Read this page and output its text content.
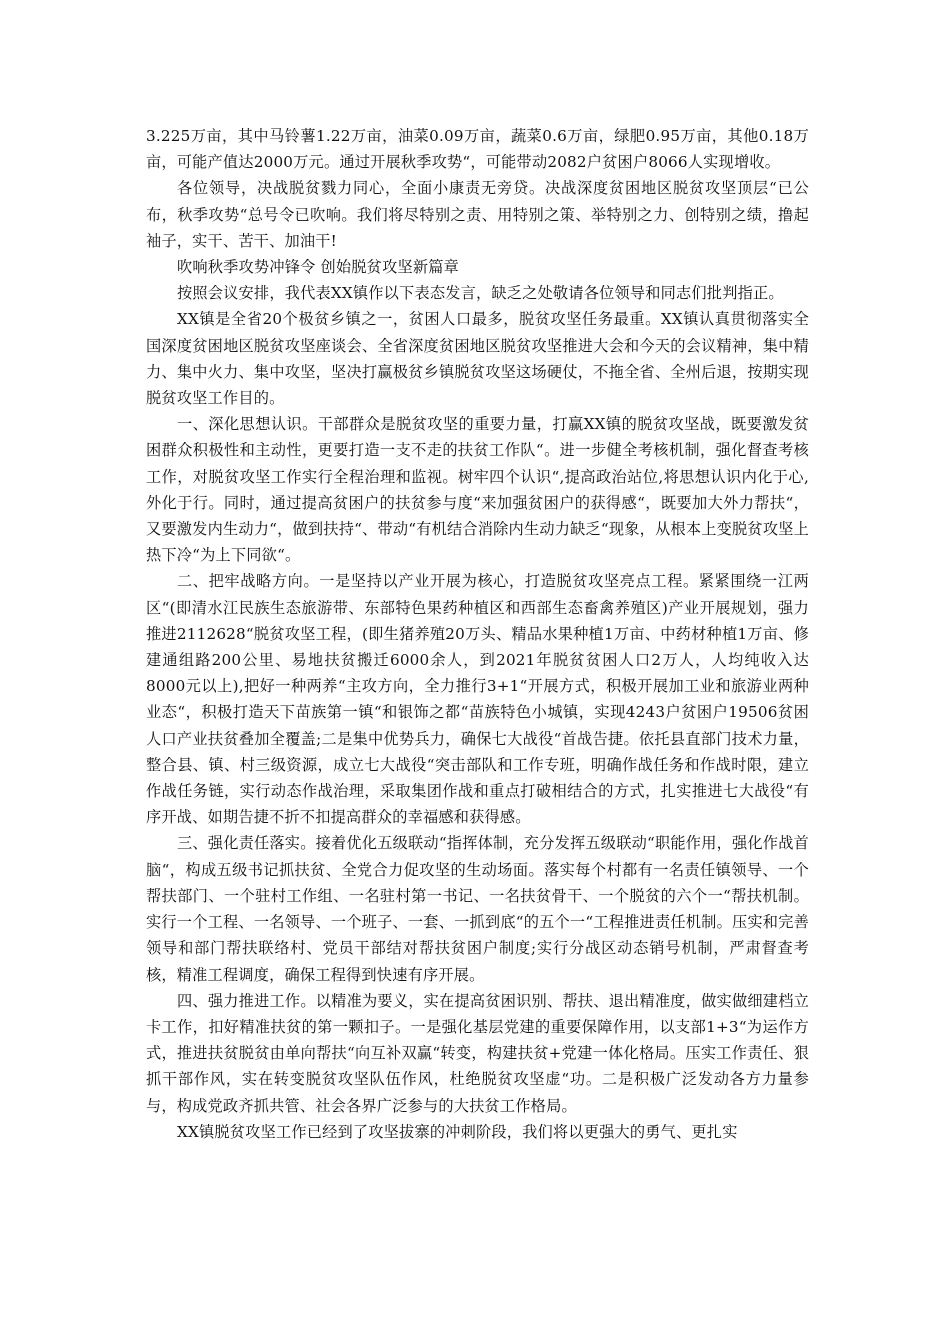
3.225万亩，其中马铃薯1.22万亩，油菜0.09万亩，蔬菜0.6万亩，绿肥0.95万亩，其他0.18万亩，可能产值达2000万元。通过开展秋季攻势“，可能带动2082户贫困户8066人实现增收。

各位领导，决战脱贫戮力同心，全面小康责无旁贷。决战深度贫困地区脱贫攻坚顶层“已公布，秋季攻势“总号令已吹响。我们将尽特别之责、用特别之策、举特别之力、创特别之绩，撸起袖子，实干、苦干、加油干!

吹响秋季攻势冲锋令 创始脱贫攻坚新篇章

按照会议安排，我代表XX镇作以下表态发言，缺乏之处敬请各位领导和同志们批判指正。

XX镇是全省20个极贫乡镇之一，贫困人口最多，脱贫攻坚任务最重。XX镇认真贯彻落实全国深度贫困地区脱贫攻坚座谈会、全省深度贫困地区脱贫攻坚推进大会和今天的会议精神，集中精力、集中火力、集中攻坚，坚决打赢极贫乡镇脱贫攻坚这场硬仗，不拖全省、全州后退，按期实现脱贫攻坚工作目的。

一、深化思想认识。干部群众是脱贫攻坚的重要力量，打赢XX镇的脱贫攻坚战，既要激发贫困群众积极性和主动性，更要打造一支不走的扶贫工作队“。进一步健全考核机制，强化督查考核工作，对脱贫攻坚工作实行全程治理和监视。树牢四个认识“,提高政治站位,将思想认识内化于心,外化于行。同时，通过提高贫困户的扶贫参与度“来加强贫困户的获得感“，既要加大外力帮扶“，又要激发内生动力“，做到扶持“、带动“有机结合消除内生动力缺乏“现象，从根本上变脱贫攻坚上热下冷“为上下同欲“。

二、把牢战略方向。一是坚持以产业开展为核心，打造脱贫攻坚亮点工程。紧紧围绕一江两区“(即清水江民族生态旅游带、东部特色果药种植区和西部生态畜禽养殖区)产业开展规划，强力推进2112628“脱贫攻坚工程，(即生猪养殖20万头、精品水果种植1万亩、中药材种植1万亩、修建通组路200公里、易地扶贫搬迁6000余人，到2021年脱贫贫困人口2万人，人均纯收入达8000元以上),把好一种两养“主攻方向，全力推行3+1“开展方式，积极开展加工业和旅游业两种业态“，积极打造天下苗族第一镇“和银饰之都“苗族特色小城镇，实现4243户贫困户19506贫困人口产业扶贫叠加全覆盖;二是集中优势兵力，确保七大战役“首战告捷。依托县直部门技术力量，整合县、镇、村三级资源，成立七大战役“突击部队和工作专班，明确作战任务和作战时限，建立作战任务链，实行动态作战治理，采取集团作战和重点打破相结合的方式，扎实推进七大战役“有序开战、如期告捷不折不扣提高群众的幸福感和获得感。

三、强化责任落实。接着优化五级联动“指挥体制，充分发挥五级联动“职能作用，强化作战首脑“，构成五级书记抓扶贫、全党合力促攻坚的生动场面。落实每个村都有一名责任镇领导、一个帮扶部门、一个驻村工作组、一名驻村第一书记、一名扶贫骨干、一个脱贫的六个一“帮扶机制。实行一个工程、一名领导、一个班子、一套、一抓到底“的五个一“工程推进责任机制。压实和完善领导和部门帮扶联络村、党员干部结对帮扶贫困户制度;实行分战区动态销号机制，严肃督查考核，精准工程调度，确保工程得到快速有序开展。

四、强力推进工作。以精准为要义，实在提高贫困识别、帮扶、退出精准度，做实做细建档立卡工作，扣好精准扶贫的第一颗扣子。一是强化基层党建的重要保障作用，以支部1+3“为运作方式，推进扶贫脱贫由单向帮扶“向互补双赢“转变，构建扶贫+党建一体化格局。压实工作责任、狠抓干部作风，实在转变脱贫攻坚队伍作风，杜绝脱贫攻坚虚“功。二是积极广泛发动各方力量参与，构成党政齐抓共管、社会各界广泛参与的大扶贫工作格局。

XX镇脱贫攻坚工作已经到了攻坚拔寨的冲刺阶段，我们将以更强大的勇气、更扎实
